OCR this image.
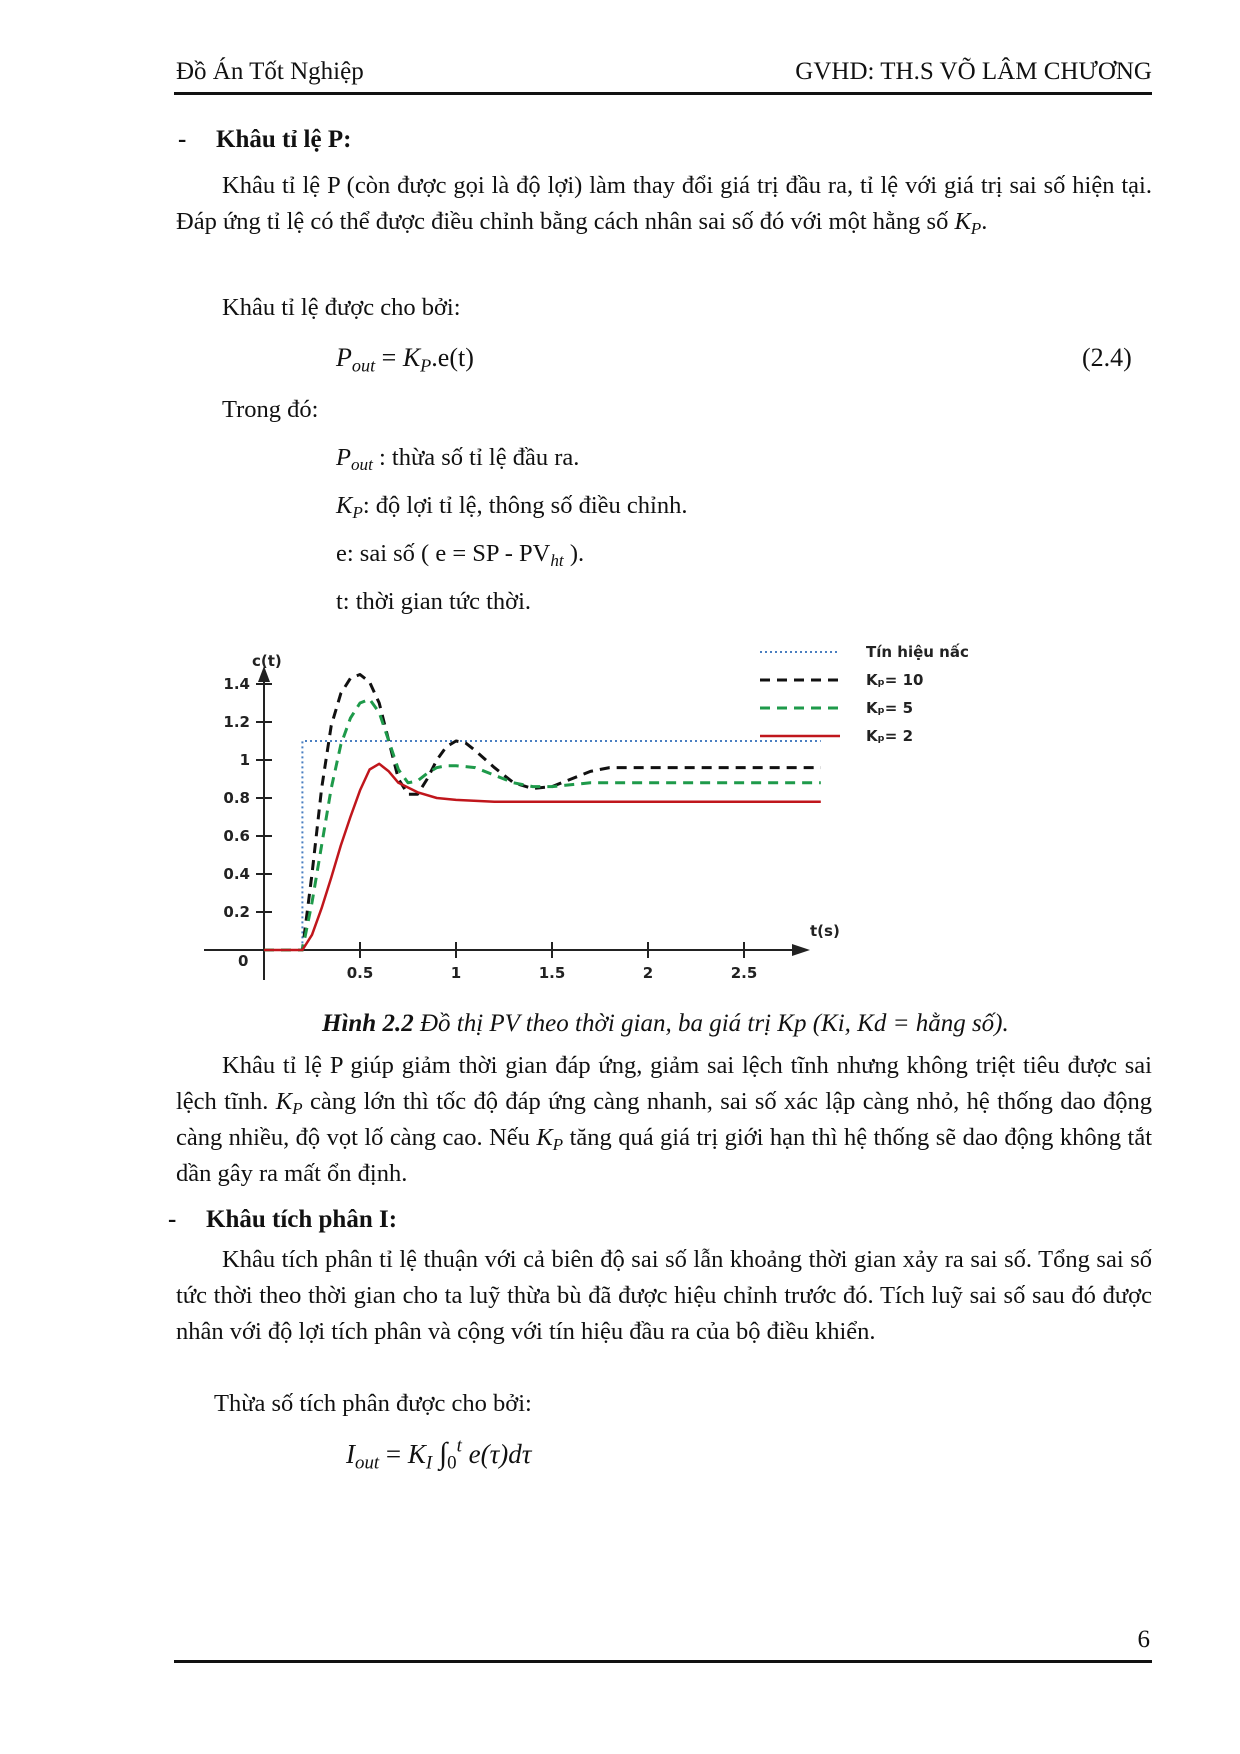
Đồ Án Tốt Nghiệp	GVHD: TH.S VÕ LÂM CHƯƠNG
- Khâu tỉ lệ P:
Khâu tỉ lệ P (còn được gọi là độ lợi) làm thay đổi giá trị đầu ra, tỉ lệ với giá trị sai số hiện tại. Đáp ứng tỉ lệ có thể được điều chỉnh bằng cách nhân sai số đó với một hằng số $K_P$.
Khâu tỉ lệ được cho bởi:
$P_{out} = K_P.e(t)$	(2.4)
Trong đó:
$P_{out}$ : thừa số tỉ lệ đầu ra.
$K_P$: độ lợi tỉ lệ, thông số điều chỉnh.
e: sai số ( e = SP - $PV_{ht}$ ).
t: thời gian tức thời.
c(t)
t(s)
0
0.2
0.4
0.6
0.8
1
1.2
1.4
0.5	1	1.5	2	2.5
Tín hiệu nấc
Kₚ= 10
Kₚ= 5
Kₚ= 2
Hình 2.2 Đồ thị PV theo thời gian, ba giá trị Kp (Ki, Kd = hằng số).
Khâu tỉ lệ P giúp giảm thời gian đáp ứng, giảm sai lệch tĩnh nhưng không triệt tiêu được sai lệch tĩnh. $K_P$ càng lớn thì tốc độ đáp ứng càng nhanh, sai số xác lập càng nhỏ, hệ thống dao động càng nhiều, độ vọt lố càng cao. Nếu $K_P$ tăng quá giá trị giới hạn thì hệ thống sẽ dao động không tắt dần gây ra mất ổn định.
- Khâu tích phân I:
Khâu tích phân tỉ lệ thuận với cả biên độ sai số lẫn khoảng thời gian xảy ra sai số. Tổng sai số tức thời theo thời gian cho ta luỹ thừa bù đã được hiệu chỉnh trước đó. Tích luỹ sai số sau đó được nhân với độ lợi tích phân và cộng với tín hiệu đầu ra của bộ điều khiển.
Thừa số tích phân được cho bởi:
$I_{out} = K_I$ $\int_0^t$ e(τ)dτ
6
